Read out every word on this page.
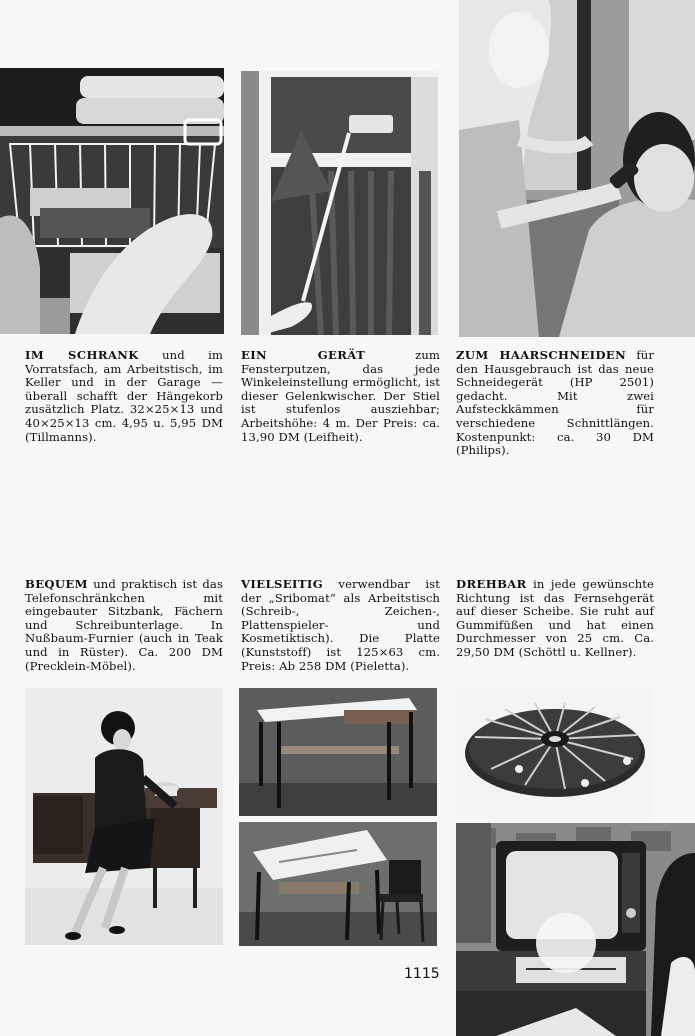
IM SCHRANK und im Vorratsfach, am Arbeitstisch, im Keller und in der Garage — überall schafft der Hängekorb zusätzlich Platz. 32×25×13 und 40×25×13 cm. 4,95 u. 5,95 DM (Tillmanns).
EIN GERÄT zum Fensterputzen, das jede Winkeleinstellung ermöglicht, ist dieser Gelenkwischer. Der Stiel ist stufenlos ausziehbar; Arbeitshöhe: 4 m. Der Preis: ca. 13,90 DM (Leifheit).
ZUM HAARSCHNEIDEN für den Hausgebrauch ist das neue Schneidegerät (HP 2501) gedacht. Mit zwei Aufsteckkämmen für verschiedene Schnittlängen. Kostenpunkt: ca. 30 DM (Philips).
BEQUEM und praktisch ist das Telefonschränkchen mit eingebauter Sitzbank, Fächern und Schreibunterlage. In Nußbaum-Furnier (auch in Teak und in Rüster). Ca. 200 DM (Precklein-Möbel).
VIELSEITIG verwendbar ist der „Sribomat“ als Arbeitstisch (Schreib-, Zeichen-, Plattenspieler- und Kosmetiktisch). Die Platte (Kunststoff) ist 125×63 cm. Preis: Ab 258 DM (Pieletta).
DREHBAR in jede gewünschte Richtung ist das Fernsehgerät auf dieser Scheibe. Sie ruht auf Gummifüßen und hat einen Durchmesser von 25 cm. Ca. 29,50 DM (Schöttl u. Kellner).
1115
